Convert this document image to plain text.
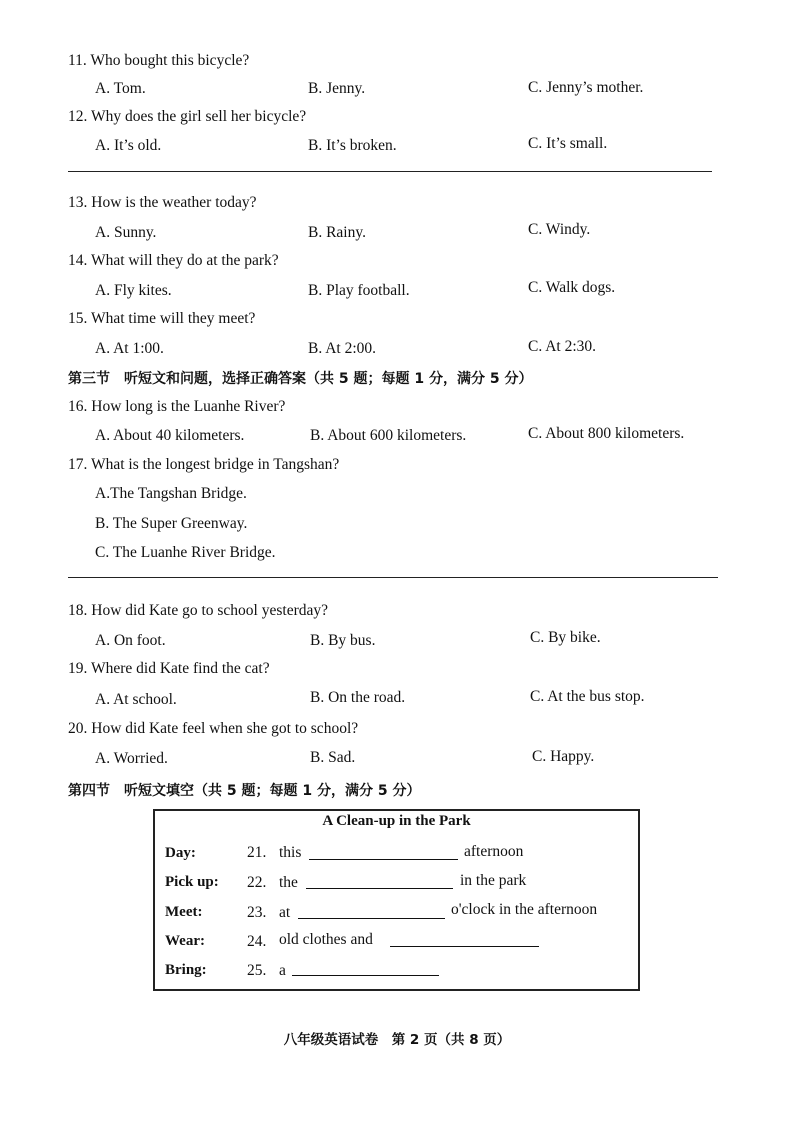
11. Who bought this bicycle?
A. Tom.	B. Jenny.	C. Jenny’s mother.
12. Why does the girl sell her bicycle?
A. It’s old.	B. It’s broken.	C. It’s small.
13. How is the weather today?
A. Sunny.	B. Rainy.	C. Windy.
14. What will they do at the park?
A. Fly kites.	B. Play football.	C. Walk dogs.
15. What time will they meet?
A. At 1:00.	B. At 2:00.	C. At 2:30.
第三节　听短文和问题，选择正确答案（共 5 题；每题 1 分，满分 5 分）
16. How long is the Luanhe River?
A. About 40 kilometers.	B. About 600 kilometers.	C. About 800 kilometers.
17. What is the longest bridge in Tangshan?
A.The Tangshan Bridge.
B. The Super Greenway.
C. The Luanhe River Bridge.
18. How did Kate go to school yesterday?
A. On foot.	B. By bus.	C. By bike.
19. Where did Kate find the cat?
A. At school.	B. On the road.	C. At the bus stop.
20. How did Kate feel when she got to school?
A. Worried.	B. Sad.	C. Happy.
第四节　听短文填空（共 5 题；每题 1 分，满分 5 分）
A Clean-up in the Park
Day:	21. this	afternoon
Pick up: 22. the	in the park
Meet:	23. at	o'clock in the afternoon
Wear:	24. old clothes and
Bring:	25. a
八年级英语试卷　第 2 页（共 8 页）
